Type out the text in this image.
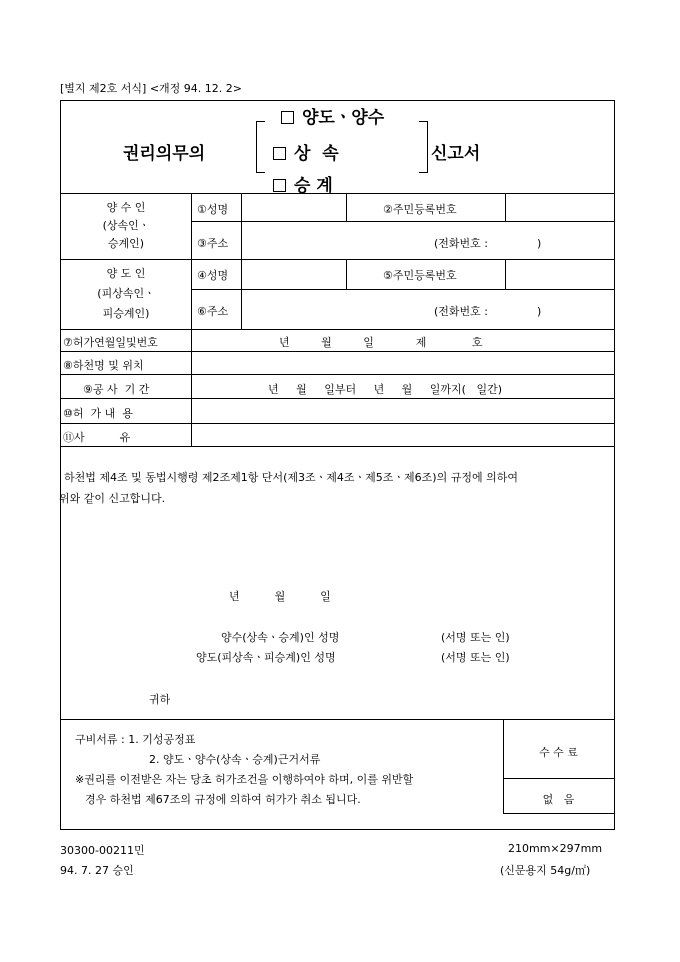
[별지 제2호 서식] <개정 94. 12. 2>
권리의무의
양도ㆍ양수
상  속
승 계
신고서
양 수 인
(상속인ㆍ
승계인)
①성명	②주민등록번호
③주소	(전화번호 :              )
양 도 인
(피상속인ㆍ
피승계인)
④성명	⑤주민등록번호
⑥주소	(전화번호 :              )
⑦허가연월일및번호	년         월         일            제             호
⑧하천명 및 위치
⑨공 사  기 간	년     월     일부터     년     월     일까지(   일간)
⑩허  가 내  용
⑪사          유
하천법 제4조 및 동법시행령 제2조제1항 단서(제3조ㆍ제4조ㆍ제5조ㆍ제6조)의 규정에 의하여
위와 같이 신고합니다.
년          월          일
양수(상속ㆍ승계)인 성명	(서명 또는 인)
양도(피상속ㆍ피승계)인 성명	(서명 또는 인)
귀하
구비서류 : 1. 기성공정표
2. 양도ㆍ양수(상속ㆍ승계)근거서류
※권리를 이전받은 자는 당초 허가조건을 이행하여야 하며, 이를 위반할
경우 하천법 제67조의 규정에 의하여 허가가 취소 됩니다.
수 수 료
없   음
30300-00211민
94. 7. 27 승인
210mm×297mm
(신문용지 54g/㎡)
